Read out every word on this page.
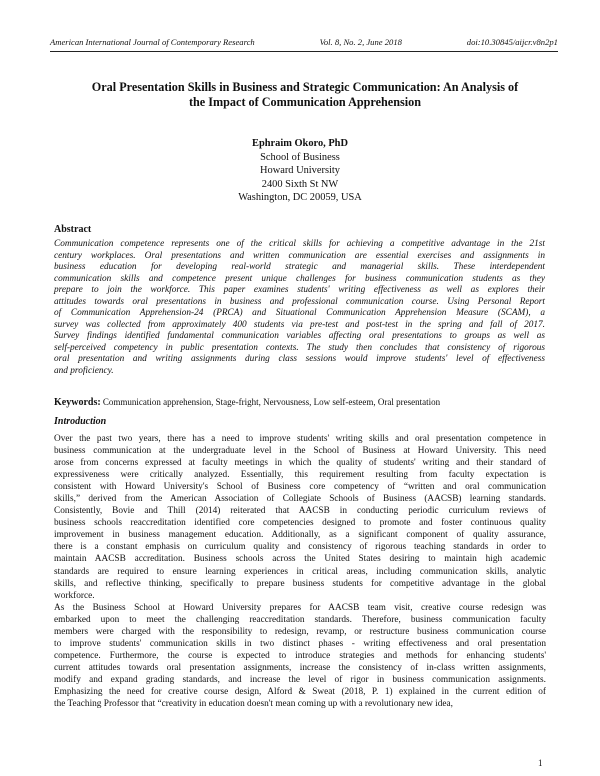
American International Journal of Contemporary Research	Vol. 8, No. 2, June 2018	doi:10.30845/aijcr.v8n2p1
Oral Presentation Skills in Business and Strategic Communication: An Analysis of
the Impact of Communication Apprehension
Ephraim Okoro, PhD
School of Business
Howard University
2400 Sixth St NW
Washington, DC 20059, USA
Abstract
Communication competence represents one of the critical skills for achieving a competitive advantage in the 21st
century workplaces. Oral presentations and written communication are essential exercises and assignments in
business education for developing real-world strategic and managerial skills. These interdependent
communication skills and competence present unique challenges for business communication students as they
prepare to join the workforce. This paper examines students' writing effectiveness as well as explores their
attitudes towards oral presentations in business and professional communication course. Using Personal Report
of Communication Apprehension-24 (PRCA) and Situational Communication Apprehension Measure (SCAM), a
survey was collected from approximately 400 students via pre-test and post-test in the spring and fall of 2017.
Survey findings identified fundamental communication variables affecting oral presentations to groups as well as
self-perceived competency in public presentation contexts. The study then concludes that consistency of rigorous
oral presentation and writing assignments during class sessions would improve students' level of effectiveness
and proficiency.
Keywords: Communication apprehension, Stage-fright, Nervousness, Low self-esteem, Oral presentation
Introduction
Over the past two years, there has a need to improve students' writing skills and oral presentation competence in
business communication at the undergraduate level in the School of Business at Howard University. This need
arose from concerns expressed at faculty meetings in which the quality of students' writing and their standard of
expressiveness were critically analyzed. Essentially, this requirement resulting from faculty expectation is
consistent with Howard University's School of Business core competency of “written and oral communication
skills,” derived from the American Association of Collegiate Schools of Business (AACSB) learning standards.
Consistently, Bovie and Thill (2014) reiterated that AACSB in conducting periodic curriculum reviews of
business schools reaccreditation identified core competencies designed to promote and foster continuous quality
improvement in business management education. Additionally, as a significant component of quality assurance,
there is a constant emphasis on curriculum quality and consistency of rigorous teaching standards in order to
maintain AACSB accreditation. Business schools across the United States desiring to maintain high academic
standards are required to ensure learning experiences in critical areas, including communication skills, analytic
skills, and reflective thinking, specifically to prepare business students for competitive advantage in the global
workforce.
As the Business School at Howard University prepares for AACSB team visit, creative course redesign was
embarked upon to meet the challenging reaccreditation standards. Therefore, business communication faculty
members were charged with the responsibility to redesign, revamp, or restructure business communication course
to improve students' communication skills in two distinct phases - writing effectiveness and oral presentation
competence. Furthermore, the course is expected to introduce strategies and methods for enhancing students'
current attitudes towards oral presentation assignments, increase the consistency of in-class written assignments,
modify and expand grading standards, and increase the level of rigor in business communication assignments.
Emphasizing the need for creative course design, Alford & Sweat (2018, P. 1) explained in the current edition of
the Teaching Professor that “creativity in education doesn't mean coming up with a revolutionary new idea,
1
